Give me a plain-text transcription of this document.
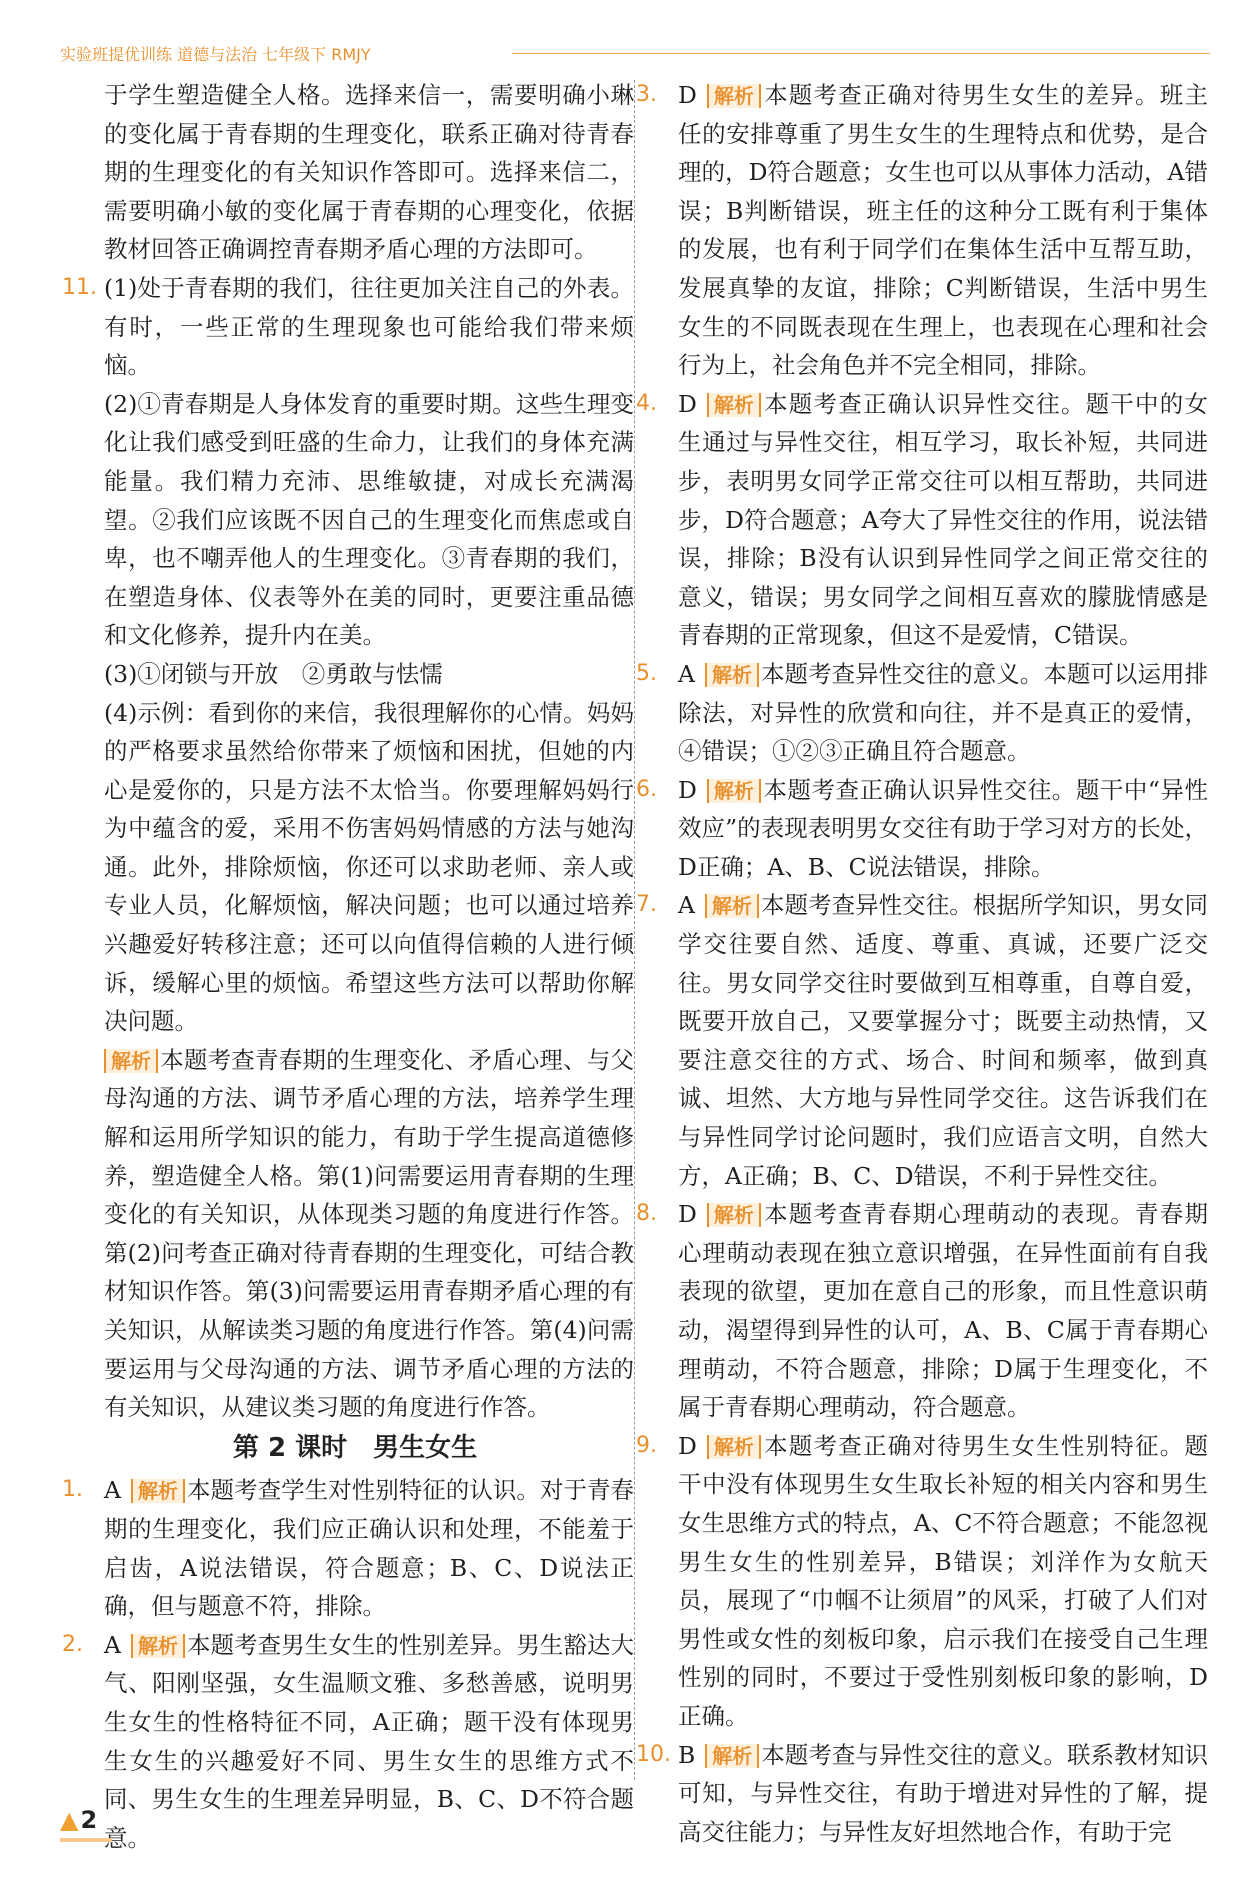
实验班提优训练 道德与法治 七年级下 RMJY

于学生塑造健全人格。选择来信一，需要明确小琳的变化属于青春期的生理变化，联系正确对待青春期的生理变化的有关知识作答即可。选择来信二，需要明确小敏的变化属于青春期的心理变化，依据教材回答正确调控青春期矛盾心理的方法即可。

11. (1)处于青春期的我们，往往更加关注自己的外表。有时，一些正常的生理现象也可能给我们带来烦恼。

(2)①青春期是人身体发育的重要时期。这些生理变化让我们感受到旺盛的生命力，让我们的身体充满能量。我们精力充沛、思维敏捷，对成长充满渴望。②我们应该既不因自己的生理变化而焦虑或自卑，也不嘲弄他人的生理变化。③青春期的我们，在塑造身体、仪表等外在美的同时，更要注重品德和文化修养，提升内在美。

(3)①闭锁与开放　②勇敢与怯懦

(4)示例：看到你的来信，我很理解你的心情。妈妈的严格要求虽然给你带来了烦恼和困扰，但她的内心是爱你的，只是方法不太恰当。你要理解妈妈行为中蕴含的爱，采用不伤害妈妈情感的方法与她沟通。此外，排除烦恼，你还可以求助老师、亲人或专业人员，化解烦恼，解决问题；也可以通过培养兴趣爱好转移注意；还可以向值得信赖的人进行倾诉，缓解心里的烦恼。希望这些方法可以帮助你解决问题。

解析 本题考查青春期的生理变化、矛盾心理、与父母沟通的方法、调节矛盾心理的方法，培养学生理解和运用所学知识的能力，有助于学生提高道德修养，塑造健全人格。第(1)问需要运用青春期的生理变化的有关知识，从体现类习题的角度进行作答。第(2)问考查正确对待青春期的生理变化，可结合教材知识作答。第(3)问需要运用青春期矛盾心理的有关知识，从解读类习题的角度进行作答。第(4)问需要运用与父母沟通的方法、调节矛盾心理的方法的有关知识，从建议类习题的角度进行作答。

第 2 课时　男生女生

1. A 解析 本题考查学生对性别特征的认识。对于青春期的生理变化，我们应正确认识和处理，不能羞于启齿，A说法错误，符合题意；B、C、D说法正确，但与题意不符，排除。

2. A 解析 本题考查男生女生的性别差异。男生豁达大气、阳刚坚强，女生温顺文雅、多愁善感，说明男生女生的性格特征不同，A正确；题干没有体现男生女生的兴趣爱好不同、男生女生的思维方式不同、男生女生的生理差异明显，B、C、D不符合题意。

3. D 解析 本题考查正确对待男生女生的差异。班主任的安排尊重了男生女生的生理特点和优势，是合理的，D符合题意；女生也可以从事体力活动，A错误；B判断错误，班主任的这种分工既有利于集体的发展，也有利于同学们在集体生活中互帮互助，发展真挚的友谊，排除；C判断错误，生活中男生女生的不同既表现在生理上，也表现在心理和社会行为上，社会角色并不完全相同，排除。

4. D 解析 本题考查正确认识异性交往。题干中的女生通过与异性交往，相互学习，取长补短，共同进步，表明男女同学正常交往可以相互帮助，共同进步，D符合题意；A夸大了异性交往的作用，说法错误，排除；B没有认识到异性同学之间正常交往的意义，错误；男女同学之间相互喜欢的朦胧情感是青春期的正常现象，但这不是爱情，C错误。

5. A 解析 本题考查异性交往的意义。本题可以运用排除法，对异性的欣赏和向往，并不是真正的爱情，④错误；①②③正确且符合题意。

6. D 解析 本题考查正确认识异性交往。题干中“异性效应”的表现表明男女交往有助于学习对方的长处，D正确；A、B、C说法错误，排除。

7. A 解析 本题考查异性交往。根据所学知识，男女同学交往要自然、适度、尊重、真诚，还要广泛交往。男女同学交往时要做到互相尊重，自尊自爱，既要开放自己，又要掌握分寸；既要主动热情，又要注意交往的方式、场合、时间和频率，做到真诚、坦然、大方地与异性同学交往。这告诉我们在与异性同学讨论问题时，我们应语言文明，自然大方，A正确；B、C、D错误，不利于异性交往。

8. D 解析 本题考查青春期心理萌动的表现。青春期心理萌动表现在独立意识增强，在异性面前有自我表现的欲望，更加在意自己的形象，而且性意识萌动，渴望得到异性的认可，A、B、C属于青春期心理萌动，不符合题意，排除；D属于生理变化，不属于青春期心理萌动，符合题意。

9. D 解析 本题考查正确对待男生女生性别特征。题干中没有体现男生女生取长补短的相关内容和男生女生思维方式的特点，A、C不符合题意；不能忽视男生女生的性别差异，B错误；刘洋作为女航天员，展现了“巾帼不让须眉”的风采，打破了人们对男性或女性的刻板印象，启示我们在接受自己生理性别的同时，不要过于受性别刻板印象的影响，D正确。

10. B 解析 本题考查与异性交往的意义。联系教材知识可知，与异性交往，有助于增进对异性的了解，提高交往能力；与异性友好坦然地合作，有助于完

▲2
